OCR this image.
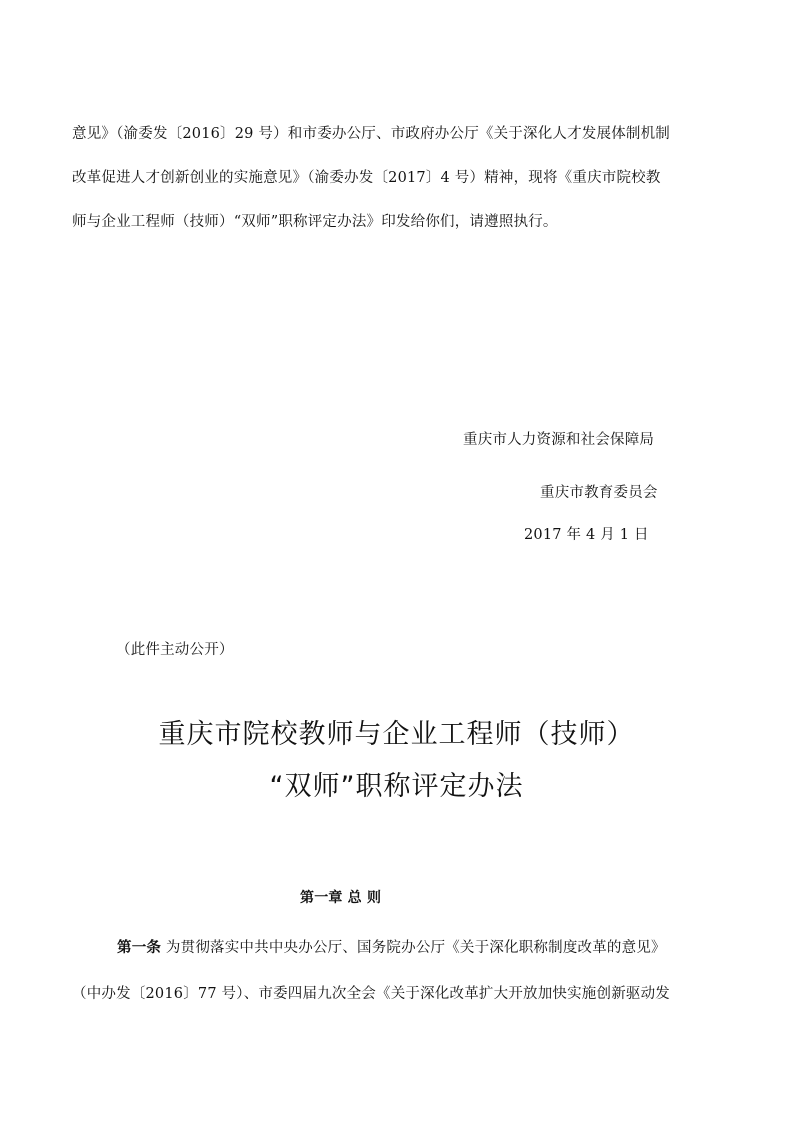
意见》（渝委发〔2016〕29 号）和市委办公厅、市政府办公厅《关于深化人才发展体制机制
改革促进人才创新创业的实施意见》（渝委办发〔2017〕4 号）精神，现将《重庆市院校教
师与企业工程师（技师）“双师”职称评定办法》印发给你们，请遵照执行。
重庆市人力资源和社会保障局
重庆市教育委员会
2017 年 4 月 1 日
（此件主动公开）
重庆市院校教师与企业工程师（技师）
“双师”职称评定办法
第一章 总 则
第一条 为贯彻落实中共中央办公厅、国务院办公厅《关于深化职称制度改革的意见》
（中办发〔2016〕77 号）、市委四届九次全会《关于深化改革扩大开放加快实施创新驱动发
